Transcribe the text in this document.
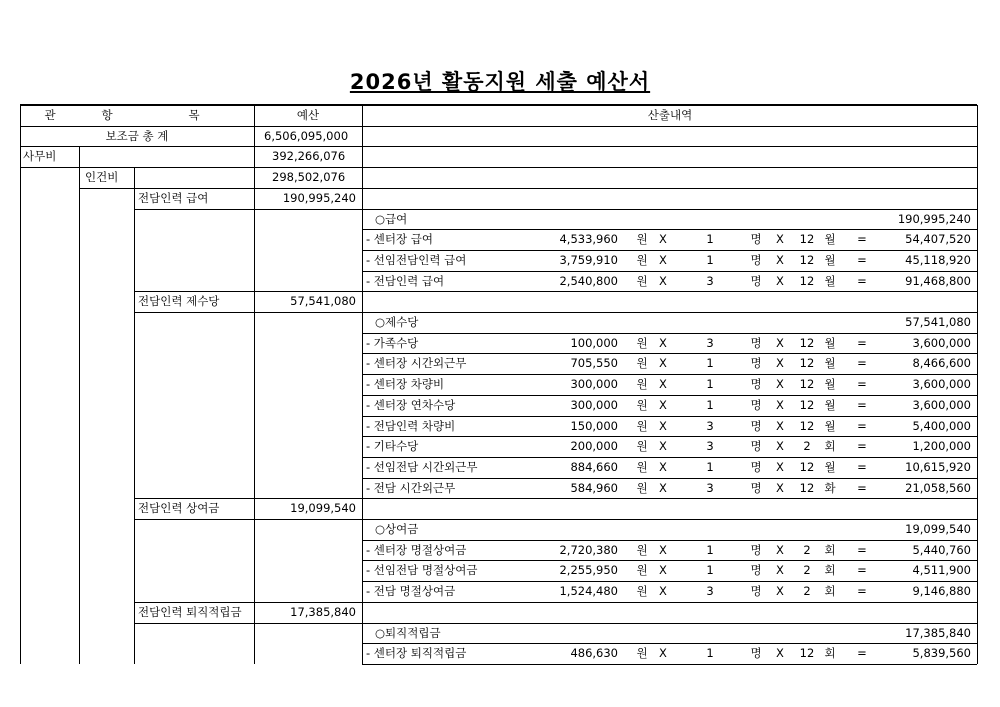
2026년 활동지원 세출 예산서
관	항	목	예산	산출내역
보조금 총 계	6,506,095,000
사무비	392,266,076
인건비	298,502,076
전담인력 급여	190,995,240
○급여	190,995,240
- 센터장 급여	4,533,960	원	X	1	명	X	12 월	=	54,407,520
- 선임전담인력 급여	3,759,910	원	X	1	명	X	12 월	=	45,118,920
- 전담인력 급여	2,540,800	원	X	3	명	X	12 월	=	91,468,800
전담인력 제수당	57,541,080
○제수당	57,541,080
- 가족수당	100,000	원	X	3	명	X	12 월	=	3,600,000
- 센터장 시간외근무	705,550	원	X	1	명	X	12 월	=	8,466,600
- 센터장 차량비	300,000	원	X	1	명	X	12 월	=	3,600,000
- 센터장 연차수당	300,000	원	X	1	명	X	12 월	=	3,600,000
- 전담인력 차량비	150,000	원	X	3	명	X	12 월	=	5,400,000
- 기타수당	200,000	원	X	3	명	X	2	회	=	1,200,000
- 선임전담 시간외근무	884,660	원	X	1	명	X	12 월	=	10,615,920
- 전담 시간외근무	584,960	원	X	3	명	X	12 화	=	21,058,560
전담인력 상여금	19,099,540
○상여금	19,099,540
- 센터장 명절상여금	2,720,380	원	X	1	명	X	2	회	=	5,440,760
- 선임전담 명절상여금	2,255,950	원	X	1	명	X	2	회	=	4,511,900
- 전담 명절상여금	1,524,480	원	X	3	명	X	2	회	=	9,146,880
전담인력 퇴직적립금	17,385,840
○퇴직적립금	17,385,840
- 센터장 퇴직적립금	486,630	원	X	1	명	X	12 회	=	5,839,560
